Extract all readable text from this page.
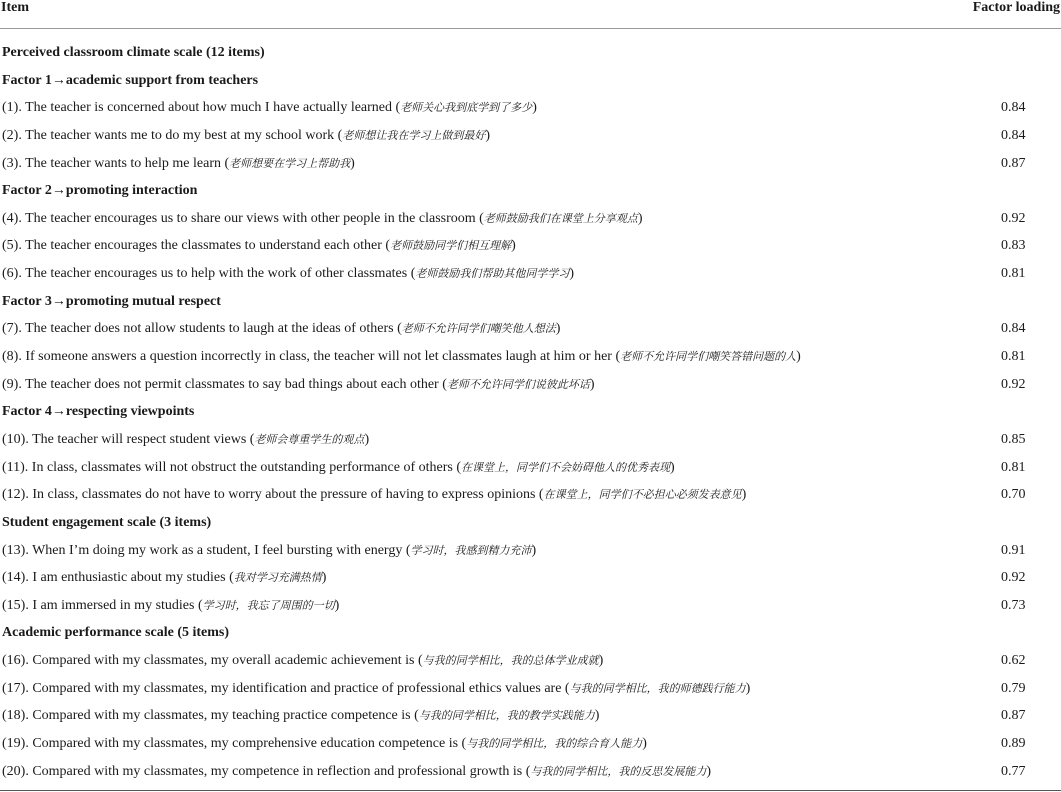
Item	Factor loading
Perceived classroom climate scale (12 items)
Factor 1→academic support from teachers
(1). The teacher is concerned about how much I have actually learned (老师关心我到底学到了多少)	0.84
(2). The teacher wants me to do my best at my school work (老师想让我在学习上做到最好)	0.84
(3). The teacher wants to help me learn (老师想要在学习上帮助我)	0.87
Factor 2→promoting interaction
(4). The teacher encourages us to share our views with other people in the classroom (老师鼓励我们在课堂上分享观点)	0.92
(5). The teacher encourages the classmates to understand each other (老师鼓励同学们相互理解)	0.83
(6). The teacher encourages us to help with the work of other classmates (老师鼓励我们帮助其他同学学习)	0.81
Factor 3→promoting mutual respect
(7). The teacher does not allow students to laugh at the ideas of others (老师不允许同学们嘲笑他人想法)	0.84
(8). If someone answers a question incorrectly in class, the teacher will not let classmates laugh at him or her (老师不允许同学们嘲笑答错问题的人)	0.81
(9). The teacher does not permit classmates to say bad things about each other (老师不允许同学们说彼此坏话)	0.92
Factor 4→respecting viewpoints
(10). The teacher will respect student views (老师会尊重学生的观点)	0.85
(11). In class, classmates will not obstruct the outstanding performance of others (在课堂上，同学们不会妨碍他人的优秀表现)	0.81
(12). In class, classmates do not have to worry about the pressure of having to express opinions (在课堂上，同学们不必担心必须发表意见)	0.70
Student engagement scale (3 items)
(13). When I’m doing my work as a student, I feel bursting with energy (学习时，我感到精力充沛)	0.91
(14). I am enthusiastic about my studies (我对学习充满热情)	0.92
(15). I am immersed in my studies (学习时，我忘了周围的一切)	0.73
Academic performance scale (5 items)
(16). Compared with my classmates, my overall academic achievement is (与我的同学相比，我的总体学业成就)	0.62
(17). Compared with my classmates, my identification and practice of professional ethics values are (与我的同学相比，我的师德践行能力)	0.79
(18). Compared with my classmates, my teaching practice competence is (与我的同学相比，我的教学实践能力)	0.87
(19). Compared with my classmates, my comprehensive education competence is (与我的同学相比，我的综合育人能力)	0.89
(20). Compared with my classmates, my competence in reflection and professional growth is (与我的同学相比，我的反思发展能力)	0.77
